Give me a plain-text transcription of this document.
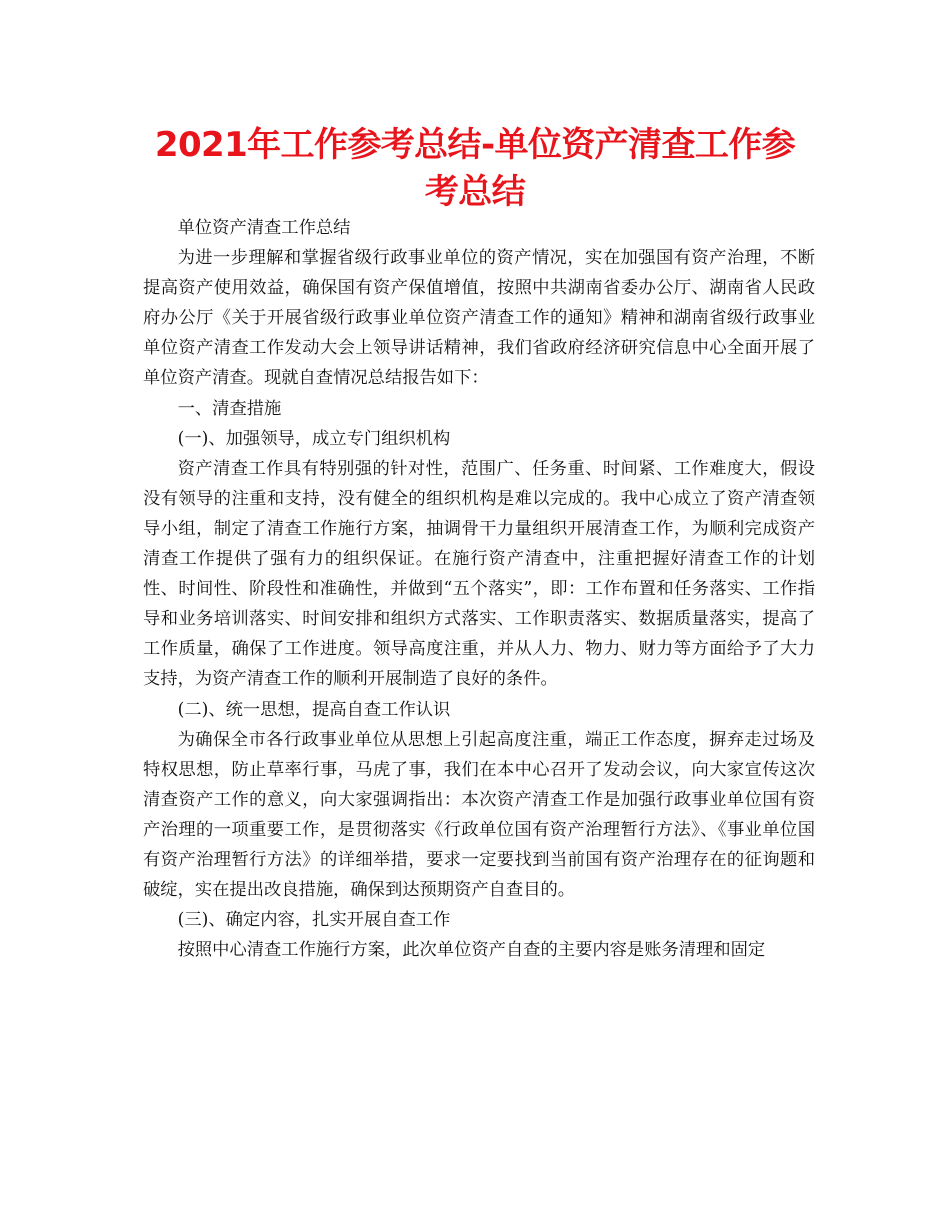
2021年工作参考总结-单位资产清查工作参考总结

单位资产清查工作总结

为进一步理解和掌握省级行政事业单位的资产情况，实在加强国有资产治理，不断提高资产使用效益，确保国有资产保值增值，按照中共湖南省委办公厅、湖南省人民政府办公厅《关于开展省级行政事业单位资产清查工作的通知》精神和湖南省级行政事业单位资产清查工作发动大会上领导讲话精神，我们省政府经济研究信息中心全面开展了单位资产清查。现就自查情况总结报告如下：

一、清查措施

(一)、加强领导，成立专门组织机构

资产清查工作具有特别强的针对性，范围广、任务重、时间紧、工作难度大，假设没有领导的注重和支持，没有健全的组织机构是难以完成的。我中心成立了资产清查领导小组，制定了清查工作施行方案，抽调骨干力量组织开展清查工作，为顺利完成资产清查工作提供了强有力的组织保证。在施行资产清查中，注重把握好清查工作的计划性、时间性、阶段性和准确性，并做到“五个落实”，即：工作布置和任务落实、工作指导和业务培训落实、时间安排和组织方式落实、工作职责落实、数据质量落实，提高了工作质量，确保了工作进度。领导高度注重，并从人力、物力、财力等方面给予了大力支持，为资产清查工作的顺利开展制造了良好的条件。

(二)、统一思想，提高自查工作认识

为确保全市各行政事业单位从思想上引起高度注重，端正工作态度，摒弃走过场及特权思想，防止草率行事，马虎了事，我们在本中心召开了发动会议，向大家宣传这次清查资产工作的意义，向大家强调指出：本次资产清查工作是加强行政事业单位国有资产治理的一项重要工作，是贯彻落实《行政单位国有资产治理暂行方法》、《事业单位国有资产治理暂行方法》的详细举措，要求一定要找到当前国有资产治理存在的征询题和破绽，实在提出改良措施，确保到达预期资产自查目的。

(三)、确定内容，扎实开展自查工作

按照中心清查工作施行方案，此次单位资产自查的主要内容是账务清理和固定
